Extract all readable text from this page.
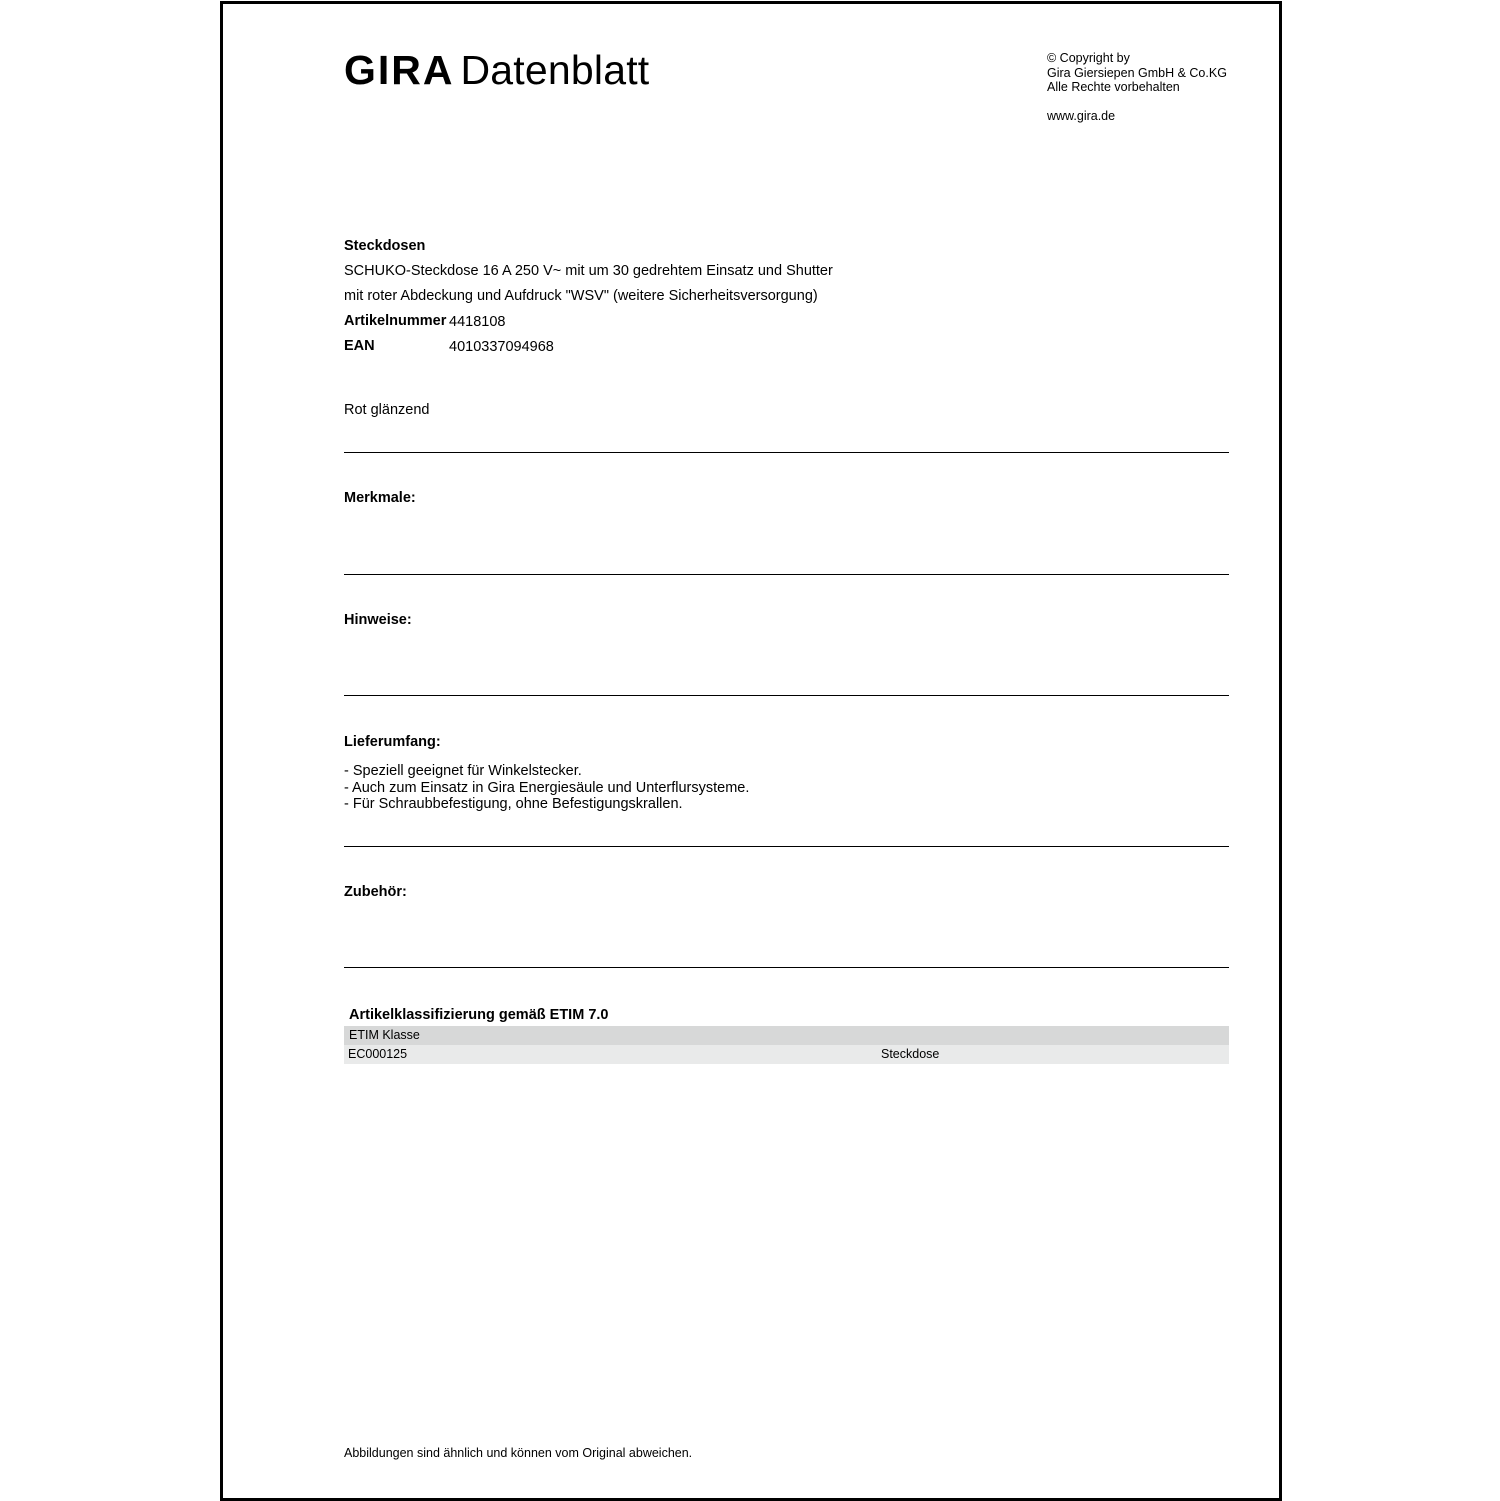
GIRA Datenblatt	© Copyright by
Gira Giersiepen GmbH & Co.KG
Alle Rechte vorbehalten
www.gira.de
Steckdosen
SCHUKO-Steckdose 16 A 250 V~ mit um 30 gedrehtem Einsatz und Shutter
mit roter Abdeckung und Aufdruck "WSV" (weitere Sicherheitsversorgung)
Artikelnummer 4418108
EAN	4010337094968
Rot glänzend
Merkmale:
Hinweise:
Lieferumfang:
- Speziell geeignet für Winkelstecker.
- Auch zum Einsatz in Gira Energiesäule und Unterflursysteme.
- Für Schraubbefestigung, ohne Befestigungskrallen.
Zubehör:
Artikelklassifizierung gemäß ETIM 7.0
ETIM Klasse
EC000125	Steckdose
Abbildungen sind ähnlich und können vom Original abweichen.
